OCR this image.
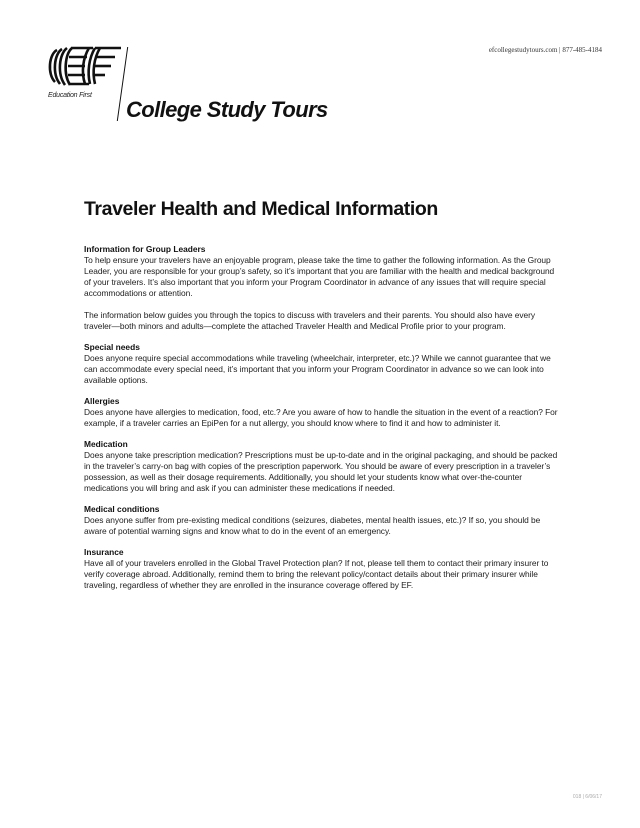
efcollegestudytours.com | 877-485-4184
Education First
College Study Tours
Traveler Health and Medical Information
Information for Group Leaders

To help ensure your travelers have an enjoyable program, please take the time to gather the following information. As the Group Leader, you are responsible for your group’s safety, so it’s important that you are familiar with the health and medical background of your travelers. It’s also important that you inform your Program Coordinator in advance of any issues that will require special accommodations or attention.

The information below guides you through the topics to discuss with travelers and their parents. You should also have every traveler—both minors and adults—complete the attached Traveler Health and Medical Profile prior to your program.

Special needs

Does anyone require special accommodations while traveling (wheelchair, interpreter, etc.)? While we cannot guarantee that we can accommodate every special need, it’s important that you inform your Program Coordinator in advance so we can look into available options.

Allergies

Does anyone have allergies to medication, food, etc.? Are you aware of how to handle the situation in the event of a reaction? For example, if a traveler carries an EpiPen for a nut allergy, you should know where to find it and how to administer it.

Medication

Does anyone take prescription medication? Prescriptions must be up-to-date and in the original packaging, and should be packed in the traveler’s carry-on bag with copies of the prescription paperwork. You should be aware of every prescription in a traveler’s possession, as well as their dosage requirements. Additionally, you should let your students know what over-the-counter medications you will bring and ask if you can administer these medications if needed.

Medical conditions

Does anyone suffer from pre-existing medical conditions (seizures, diabetes, mental health issues, etc.)? If so, you should be aware of potential warning signs and know what to do in the event of an emergency.

Insurance

Have all of your travelers enrolled in the Global Travel Protection plan? If not, please tell them to contact their primary insurer to verify coverage abroad. Additionally, remind them to bring the relevant policy/contact details about their primary insurer while traveling, regardless of whether they are enrolled in the insurance coverage offered by EF.

018 | 6/06/17
